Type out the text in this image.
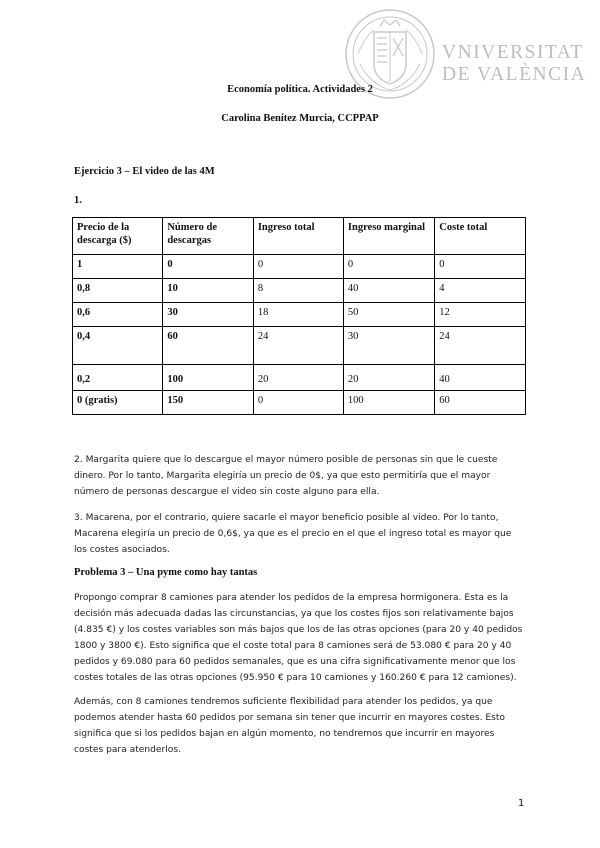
VNIVERSITAT
DE VALÈNCIA
Economía política. Actividades 2
Carolina Benítez Murcia, CCPPAP
Ejercicio 3 – El video de las 4M
1.
Precio de la descarga ($)	Número de descargas	Ingreso total	Ingreso marginal	Coste total
1	0	0	0	0
0,8	10	8	40	4
0,6	30	18	50	12
0,4	60	24	30	24
0,2	100	20	20	40
0 (gratis)	150	0	100	60
2. Margarita quiere que lo descargue el mayor número posible de personas sin que le cueste dinero. Por lo tanto, Margarita elegiría un precio de 0$, ya que esto permitiría que el mayor número de personas descargue el video sin coste alguno para ella.
3. Macarena, por el contrario, quiere sacarle el mayor beneficio posible al video. Por lo tanto, Macarena elegiría un precio de 0,6$, ya que es el precio en el que el ingreso total es mayor que los costes asociados.
Problema 3 – Una pyme como hay tantas
Propongo comprar 8 camiones para atender los pedidos de la empresa hormigonera. Esta es la decisión más adecuada dadas las circunstancias, ya que los costes fijos son relativamente bajos (4.835 €) y los costes variables son más bajos que los de las otras opciones (para 20 y 40 pedidos 1800 y 3800 €). Esto significa que el coste total para 8 camiones será de 53.080 € para 20 y 40 pedidos y 69.080 para 60 pedidos semanales, que es una cifra significativamente menor que los costes totales de las otras opciones (95.950 € para 10 camiones y 160.260 € para 12 camiones).
Además, con 8 camiones tendremos suficiente flexibilidad para atender los pedidos, ya que podemos atender hasta 60 pedidos por semana sin tener que incurrir en mayores costes. Esto significa que si los pedidos bajan en algún momento, no tendremos que incurrir en mayores costes para atenderlos.
1
